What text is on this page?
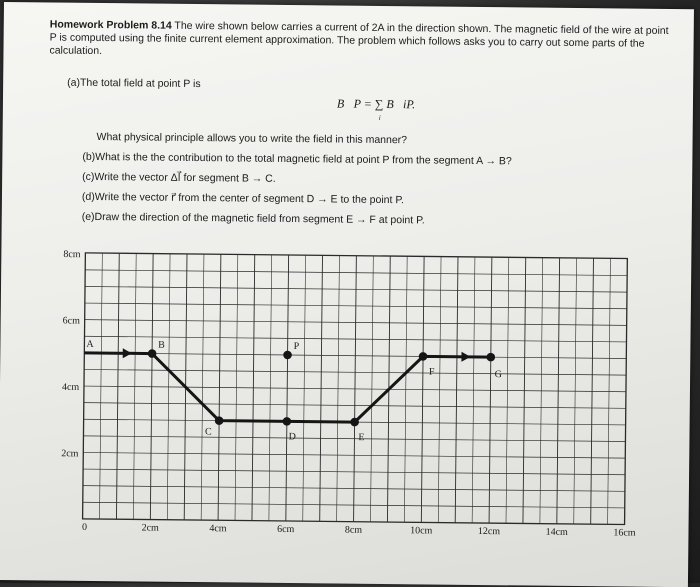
Homework Problem 8.14 The wire shown below carries a current of 2A in the direction shown. The magnetic field of the wire at point P is computed using the finite current element approximation. The problem which follows asks you to carry out some parts of the calculation.

(a)The total field at point P is
B⃗P = ∑ B⃗iP.
i
What physical principle allows you to write the field in this manner?
(b)What is the the contribution to the total magnetic field at point P from the segment A → B?
(c)Write the vector Δl⃗ for segment B → C.
(d)Write the vector r⃗ from the center of segment D → E to the point P.
(e)Draw the direction of the magnetic field from segment E → F at point P.
8cm
6cm
4cm
2cm
0	2cm	4cm	6cm	8cm	10cm	12cm	14cm	16cm
A	B
C	D	E
F	G
P
